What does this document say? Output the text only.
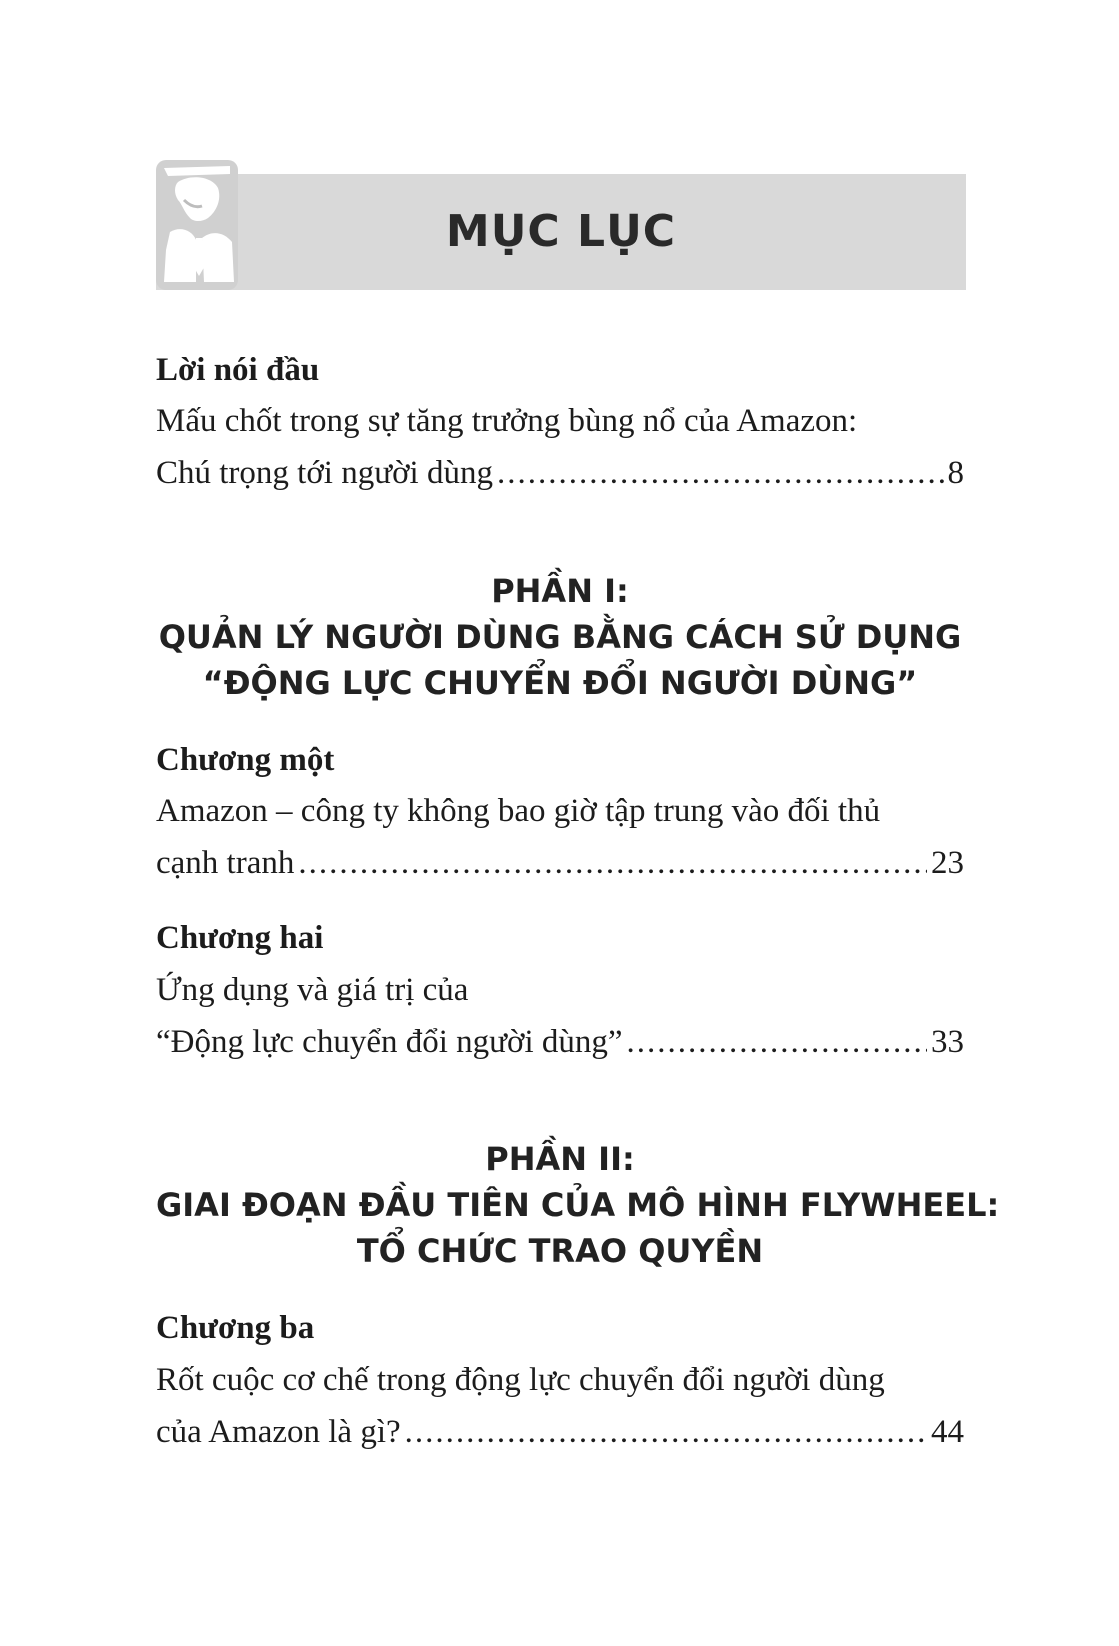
MỤC LỤC
Lời nói đầu
Mấu chốt trong sự tăng trưởng bùng nổ của Amazon:
Chú trọng tới người dùng .....	8
PHẦN I:
QUẢN LÝ NGƯỜI DÙNG BẰNG CÁCH SỬ DỤNG
“ĐỘNG LỰC CHUYỂN ĐỔI NGƯỜI DÙNG”
Chương một
Amazon – công ty không bao giờ tập trung vào đối thủ
cạnh tranh .....	23
Chương hai
Ứng dụng và giá trị của
“Động lực chuyển đổi người dùng” .....	33
PHẦN II:
GIAI ĐOẠN ĐẦU TIÊN CỦA MÔ HÌNH FLYWHEEL:
TỔ CHỨC TRAO QUYỀN
Chương ba
Rốt cuộc cơ chế trong động lực chuyển đổi người dùng
của Amazon là gì? .....	44
